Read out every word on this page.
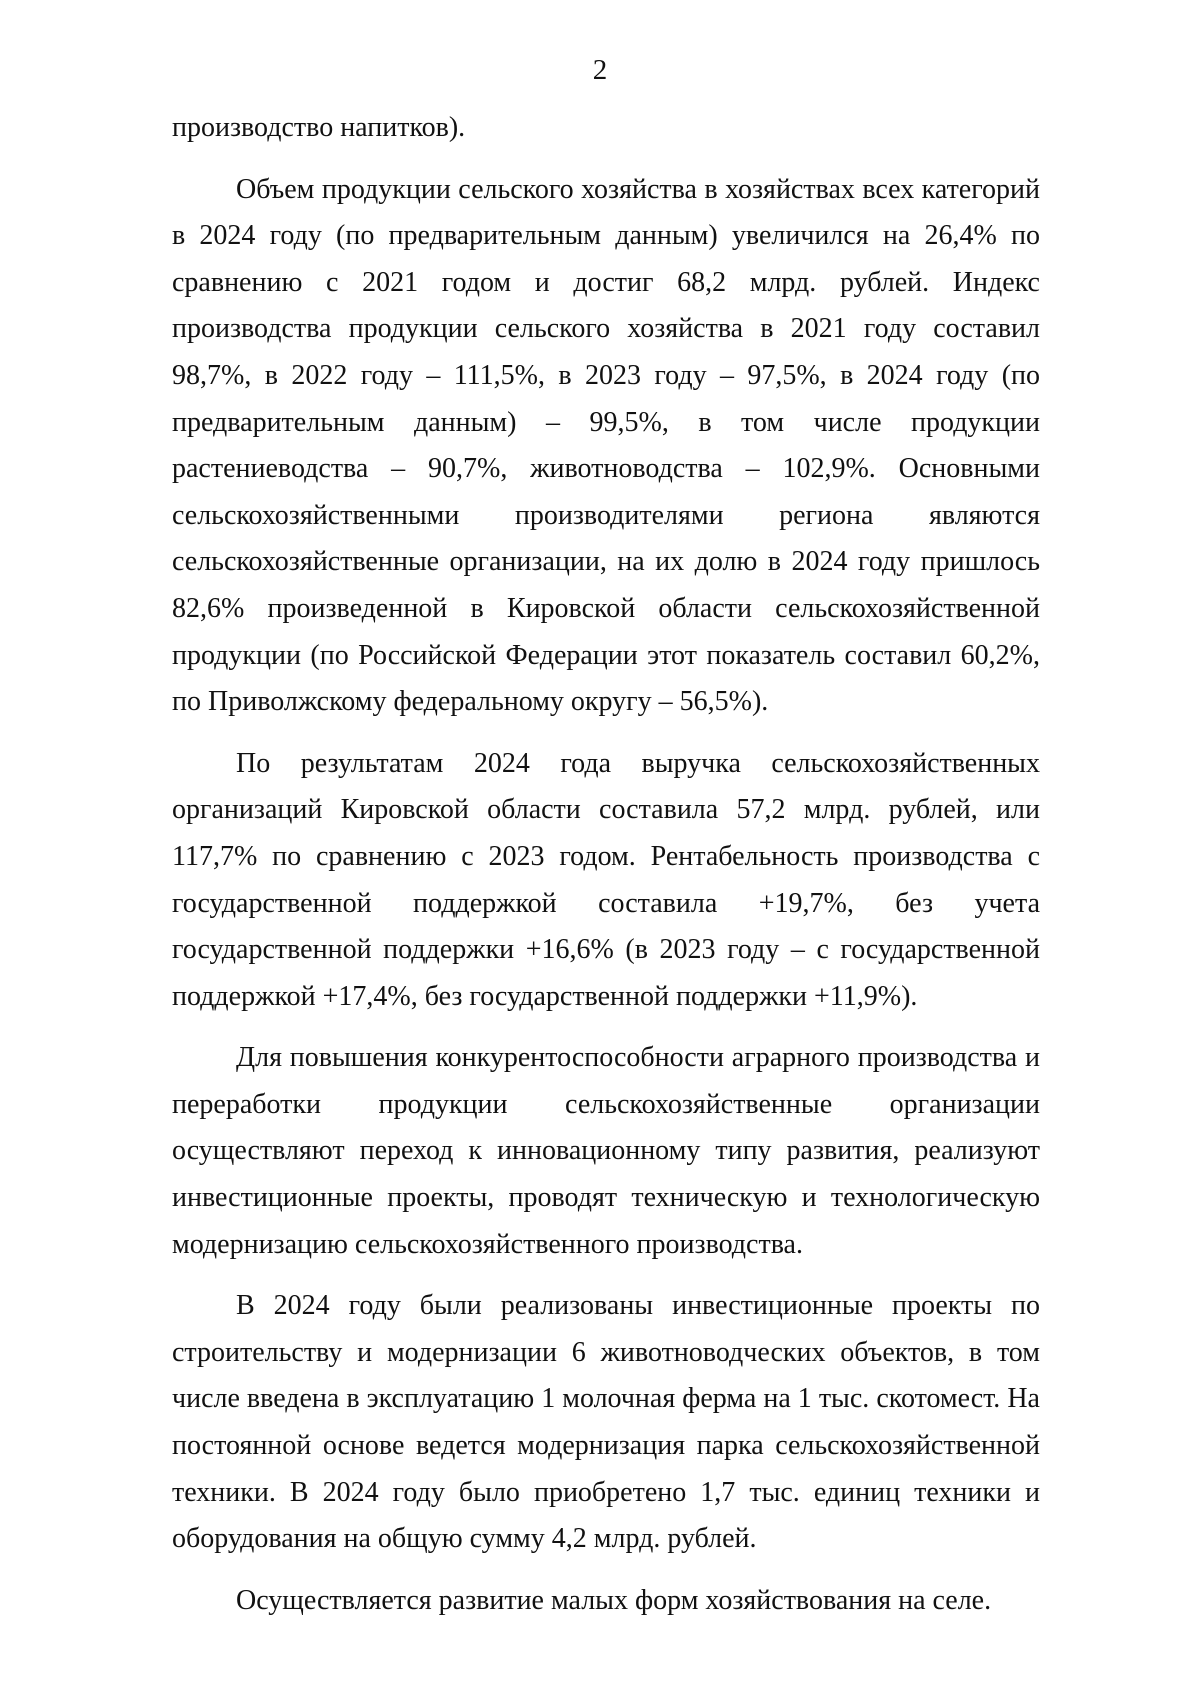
2

производство напитков).

Объем продукции сельского хозяйства в хозяйствах всех категорий в 2024 году (по предварительным данным) увеличился на 26,4% по сравнению с 2021 годом и достиг 68,2 млрд. рублей. Индекс производства продукции сельского хозяйства в 2021 году составил 98,7%, в 2022 году – 111,5%, в 2023 году – 97,5%, в 2024 году (по предварительным данным) – 99,5%, в том числе продукции растениеводства – 90,7%, животноводства – 102,9%. Основными сельскохозяйственными производителями региона являются сельскохозяйственные организации, на их долю в 2024 году пришлось 82,6% произведенной в Кировской области сельскохозяйственной продукции (по Российской Федерации этот показатель составил 60,2%, по Приволжскому федеральному округу – 56,5%).

По результатам 2024 года выручка сельскохозяйственных организаций Кировской области составила 57,2 млрд. рублей, или 117,7% по сравнению с 2023 годом. Рентабельность производства с государственной поддержкой составила +19,7%, без учета государственной поддержки +16,6% (в 2023 году – с государственной поддержкой +17,4%, без государственной поддержки +11,9%).

Для повышения конкурентоспособности аграрного производства и переработки продукции сельскохозяйственные организации осуществляют переход к инновационному типу развития, реализуют инвестиционные проекты, проводят техническую и технологическую модернизацию сельскохозяйственного производства.

В 2024 году были реализованы инвестиционные проекты по строительству и модернизации 6 животноводческих объектов, в том числе введена в эксплуатацию 1 молочная ферма на 1 тыс. скотомест. На постоянной основе ведется модернизация парка сельскохозяйственной техники. В 2024 году было приобретено 1,7 тыс. единиц техники и оборудования на общую сумму 4,2 млрд. рублей.

Осуществляется развитие малых форм хозяйствования на селе.
